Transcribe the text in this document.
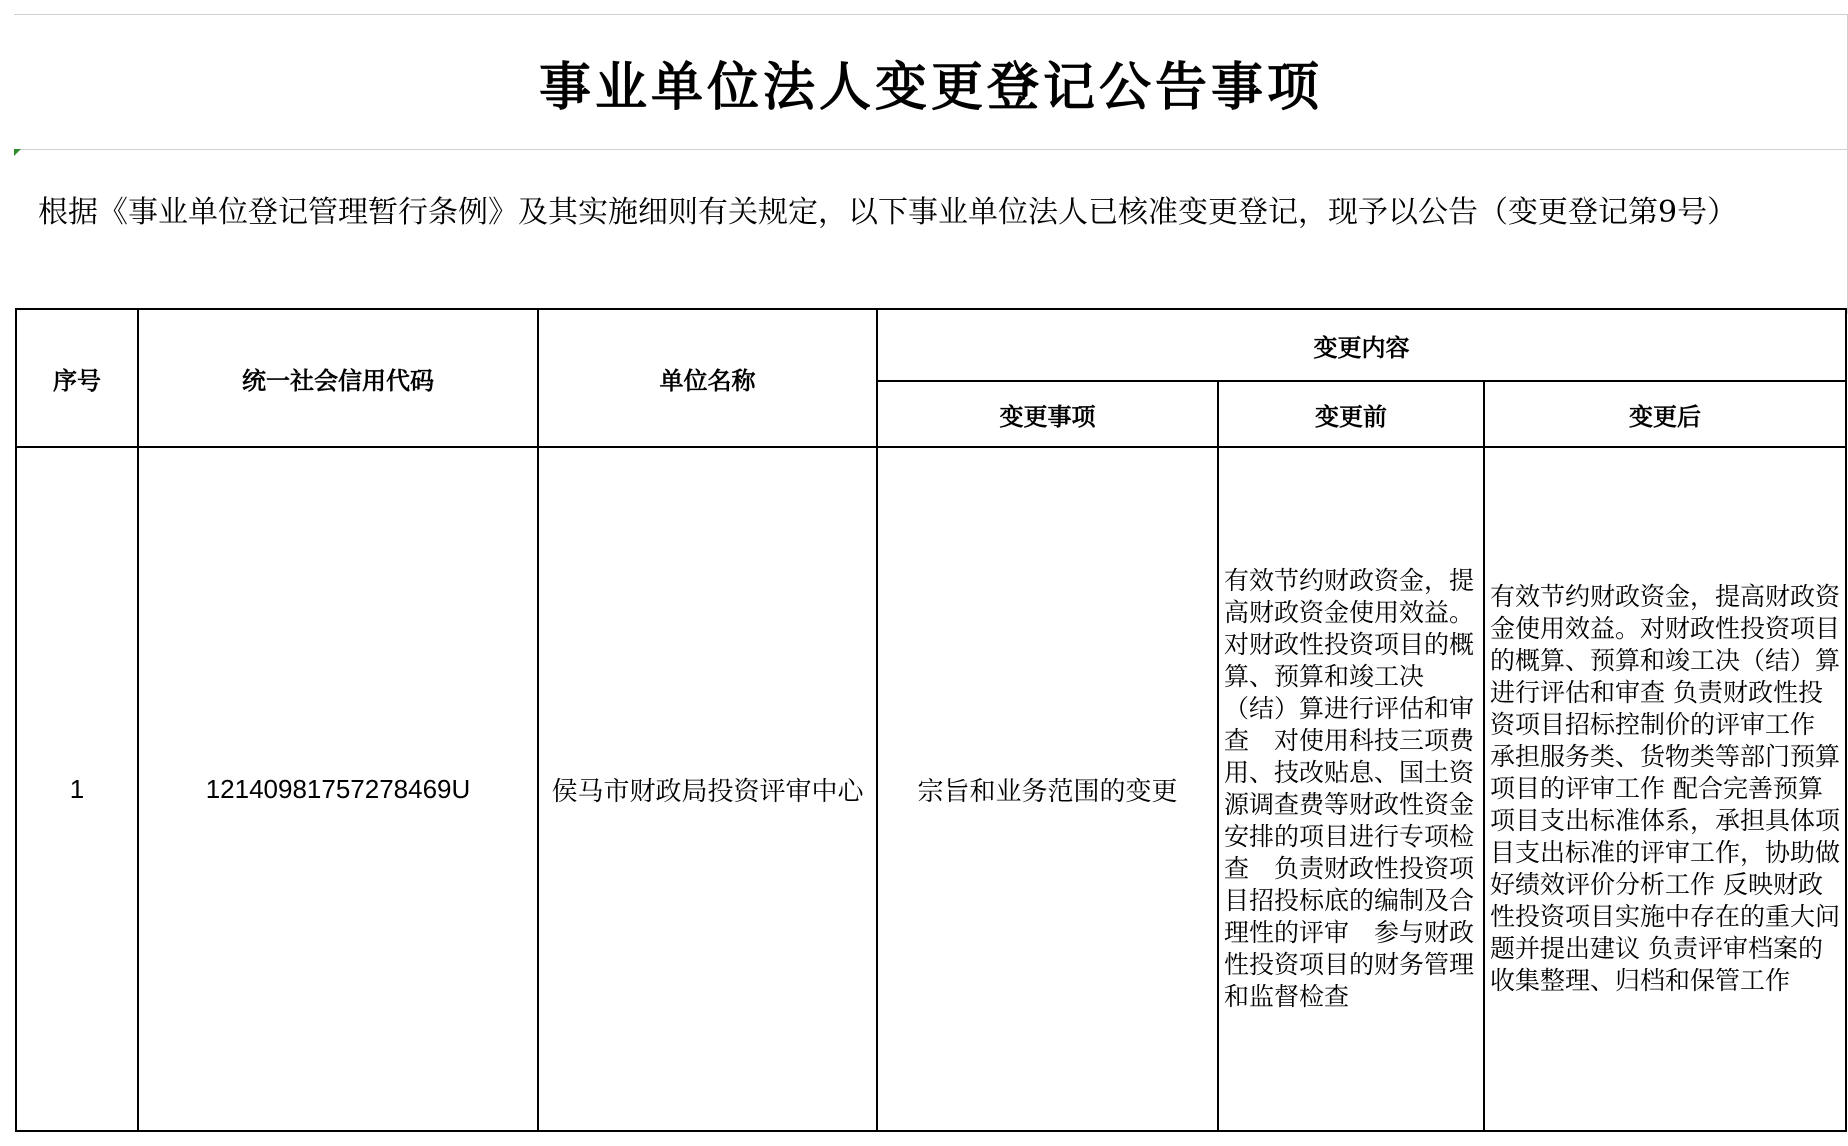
事业单位法人变更登记公告事项
根据《事业单位登记管理暂行条例》及其实施细则有关规定，以下事业单位法人已核准变更登记，现予以公告（变更登记第9号）
序号	统一社会信用代码	单位名称	变更内容		
			变更事项	变更前	变更后
1	12140981757278469U	侯马市财政局投资评审中心	宗旨和业务范围的变更	有效节约财政资金，提高财政资金使用效益。对财政性投资项目的概算、预算和竣工决（结）算进行评估和审查　对使用科技三项费用、技改贴息、国土资源调查费等财政性资金安排的项目进行专项检查　负责财政性投资项目招投标底的编制及合理性的评审　参与财政性投资项目的财务管理和监督检查	有效节约财政资金，提高财政资金使用效益。对财政性投资项目的概算、预算和竣工决（结）算进行评估和审查 负责财政性投资项目招标控制价的评审工作 承担服务类、货物类等部门预算项目的评审工作 配合完善预算项目支出标准体系，承担具体项目支出标准的评审工作，协助做好绩效评价分析工作 反映财政性投资项目实施中存在的重大问题并提出建议 负责评审档案的收集整理、归档和保管工作
